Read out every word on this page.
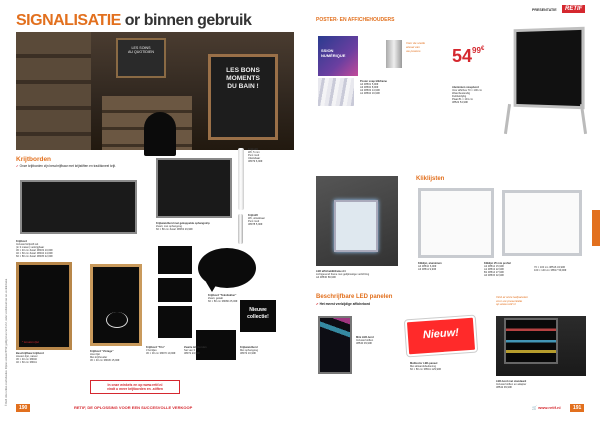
SIGNALISATIE or binnen gebruik
LES SOINS
AU QUOTIDIEN
LES BONS
MOMENTS
DU BAIN !
Krijtborden
✔ Onze krijtborden zijn beschrijfbaar met krijtstiften en traditioneel krijt.
Krijtbord
Inclusief krijtstift wit
(in 3 maten) verkrijgbaar
30 × 40 cm Zwart 38033 10,00€
40 × 60 cm Zwart 38034 14,00€
60 × 80 cm Zwart 38035 22,00€
Krijtwandbord met gekoppelde ophangstrip
Zwart, met ophangoog
60 × 80 cm Zwart 38063 29,90€
Krijtstift
Wit, 5 mm
Punt rond
Uitwisbaar
38079 6,90€
Krijtstift
Wit, uitwisbaar
Punt rond
38078 5,90€
* Houten lijst
Beschrijfbaar krijtbord
Houten lijst, natuur
30 × 40 cm 38040
40 × 60 cm 38041
Krijtbord "Vintage"
Hout lijst
Met krijthouder
30 × 40 cm 38036 15,90€
Krijtbord "Trio"
3 bordjes
30 × 30 cm 38070 19,90€
Krijtbord "Tekstballon"
Zwart, gelakt
60 × 80 cm 38080 25,00€
Nieuwe
collectie!
Zwarte krijtborden
Set van 3
38071 24,90€
Krijtwandbord
Met ophangoog
38072 16,90€
In onze winkels en op www.retif.nl
vindt u meer krijtborden en -stiften
© Retif. Alle rechten voorbehouden. Prijzen exclusief BTW, geldig tot en met 31/12, onder voorbehoud van zet- en drukfouten.
190	RETIF, DE OPLOSSING VOOR EEN SUCCESVOLLE VERKOOP
PRESENTATIE	RETIF
POSTER- EN AFFICHEHOUDERS
SSION
NUMÉRIQUE
Voor de snelle
wissel van
uw posters
Poster snap klikframe
A4 38501 5,90€
A3 38502 8,90€
A2 38503 14,90€
A1 38504 19,90€
$54^{99€}$
Aluminium stoepbord
Voor affiches 70 × 100 cm
Waterbestendig
Dubbelzijdig
Plaat 81 × 101 cm
38522 54,99€
LED afficheklikframe A4
Lichtgevend frame met gelijkmatige verlichting
A4 38530 89,90€
Kliklijsten
Kliklijst, aluminium
A4 38510 6,90€
A3 38511 9,90€
Kliklijst 25 mm profiel
A2 38512 15,90€
A1 38513 22,90€
B1 38514 27,90€
A0 38515 32,90€
70 × 100 cm 38516 34,90€
100 × 140 cm 38517 59,90€
Beschrijfbare LED panelen
✔ Het meest veelzijdige affichebord
Vind al onze ledpanelen
voor uw presentatie
op www.retif.nl
Mini LED-bord
Inclusief stiften
38540 39,90€
Nieuw!
Multicolor LED-paneel
Met afstandsbediening
60 × 80 cm 38541 129,90€
LED-bord met standaard
Inclusief stiften en adapter
38542 99,90€
🛒 www.retif.nl	191
